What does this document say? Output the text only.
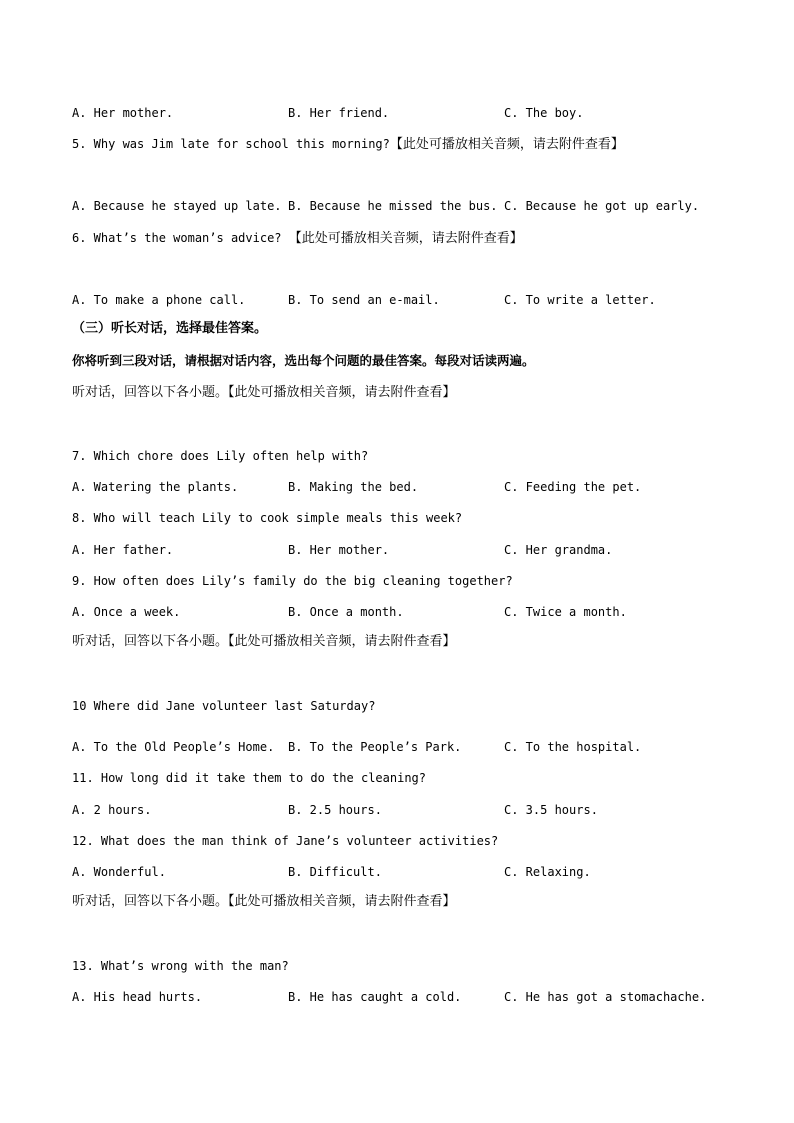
A. Her mother.	B. Her friend.	C. The boy.
5. Why was Jim late for school this morning?【此处可播放相关音频，请去附件查看】
A. Because he stayed up late. B. Because he missed the bus. C. Because he got up early.
6. What’s the woman’s advice? 【此处可播放相关音频，请去附件查看】
A. To make a phone call.	B. To send an e-mail.	C. To write a letter.
（三）听长对话，选择最佳答案。
你将听到三段对话，请根据对话内容，选出每个问题的最佳答案。每段对话读两遍。
听对话，回答以下各小题。【此处可播放相关音频，请去附件查看】
7. Which chore does Lily often help with?
A. Watering the plants.	B. Making the bed.	C. Feeding the pet.
8. Who will teach Lily to cook simple meals this week?
A. Her father.	B. Her mother.	C. Her grandma.
9. How often does Lily’s family do the big cleaning together?
A. Once a week.	B. Once a month.	C. Twice a month.
听对话，回答以下各小题。【此处可播放相关音频，请去附件查看】
10 Where did Jane volunteer last Saturday?
A. To the Old People’s Home. B. To the People’s Park.	C. To the hospital.
11. How long did it take them to do the cleaning?
A. 2 hours.	B. 2.5 hours.	C. 3.5 hours.
12. What does the man think of Jane’s volunteer activities?
A. Wonderful.	B. Difficult.	C. Relaxing.
听对话，回答以下各小题。【此处可播放相关音频，请去附件查看】
13. What’s wrong with the man?
A. His head hurts.	B. He has caught a cold.	C. He has got a stomachache.
